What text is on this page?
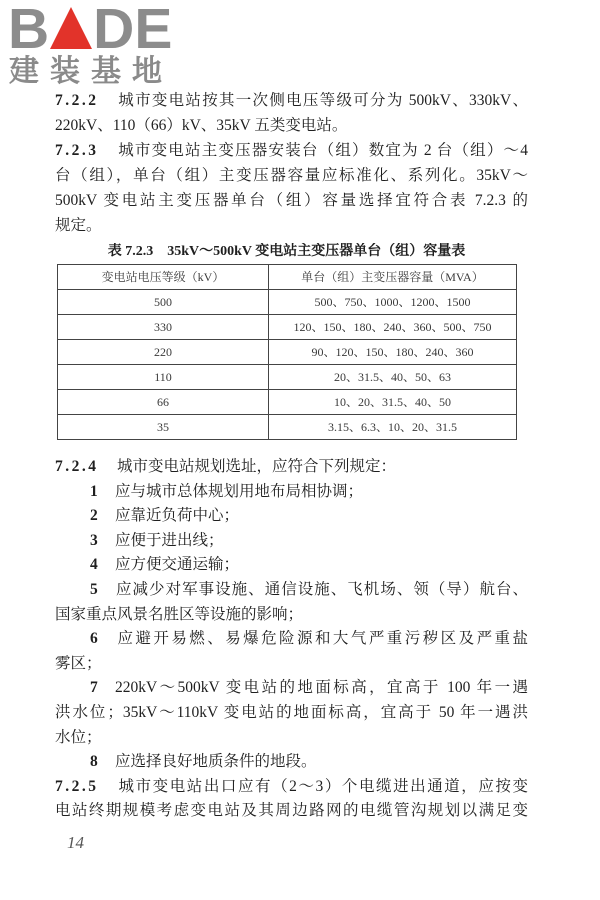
B D E
建装基地
7.2.2 城市变电站按其一次侧电压等级可分为 500kV、330kV、
220kV、110（66）kV、35kV 五类变电站。
7.2.3 城市变电站主变压器安装台（组）数宜为 2 台（组）～4
台（组），单台（组）主变压器容量应标准化、系列化。35kV～
500kV 变电站主变压器单台（组）容量选择宜符合表 7.2.3 的
规定。
表 7.2.3 35kV～500kV 变电站主变压器单台（组）容量表
变电站电压等级（kV）	单台（组）主变压器容量（MVA）
500	500、750、1000、1200、1500
330	120、150、180、240、360、500、750
220	90、120、150、180、240、360
110	20、31.5、40、50、63
66	10、20、31.5、40、50
35	3.15、6.3、10、20、31.5
7.2.4 城市变电站规划选址，应符合下列规定：
1 应与城市总体规划用地布局相协调；
2 应靠近负荷中心；
3 应便于进出线；
4 应方便交通运输；
5 应减少对军事设施、通信设施、飞机场、领（导）航台、
国家重点风景名胜区等设施的影响；
6 应避开易燃、易爆危险源和大气严重污秽区及严重盐
雾区；
7 220kV～500kV 变电站的地面标高，宜高于 100 年一遇
洪水位；35kV～110kV 变电站的地面标高，宜高于 50 年一遇洪
水位；
8 应选择良好地质条件的地段。
7.2.5 城市变电站出口应有（2～3）个电缆进出通道，应按变
电站终期规模考虑变电站及其周边路网的电缆管沟规划以满足变
14
